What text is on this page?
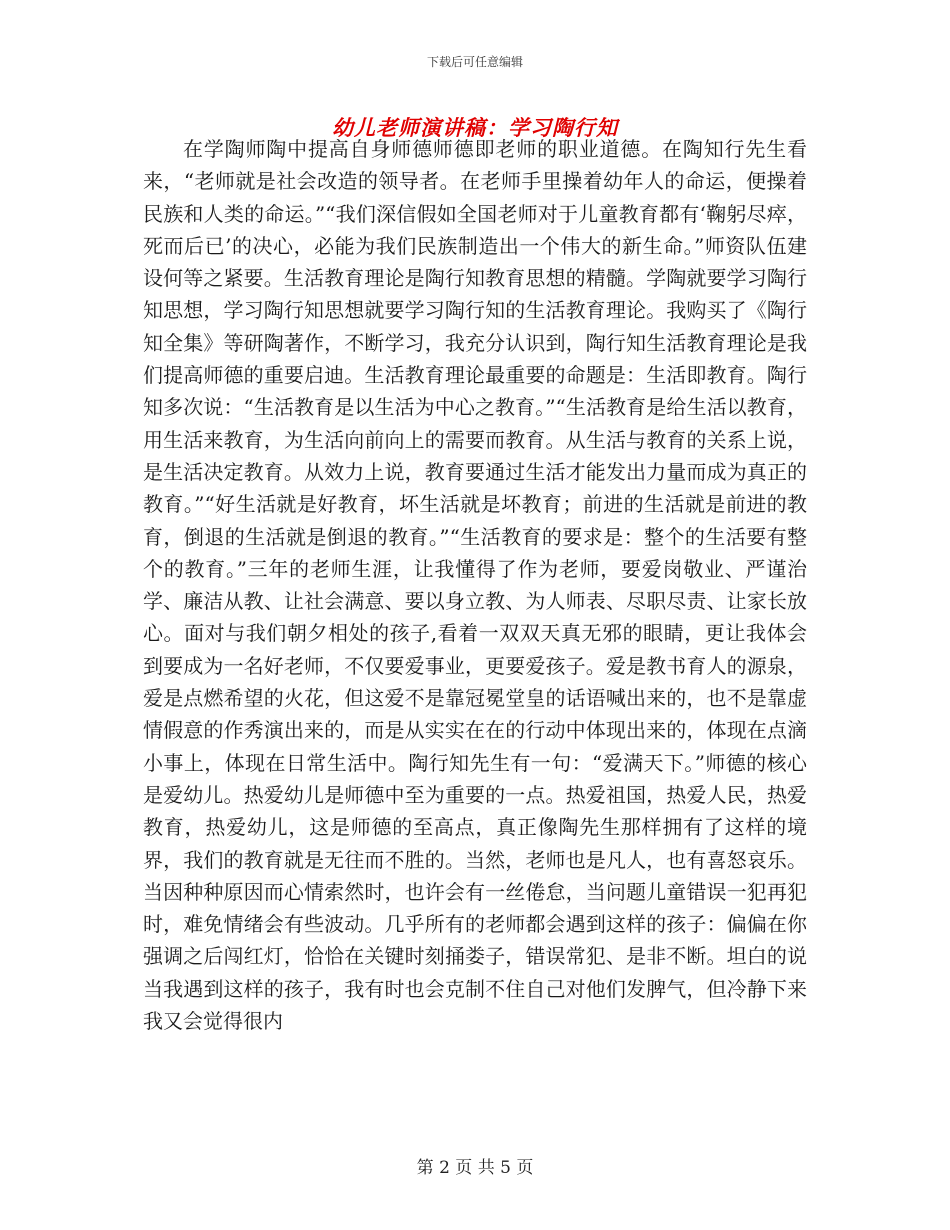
下载后可任意编辑
幼儿老师演讲稿：学习陶行知

在学陶师陶中提高自身师德师德即老师的职业道德。在陶知行先生看来，“老师就是社会改造的领导者。在老师手里操着幼年人的命运，便操着民族和人类的命运。”“我们深信假如全国老师对于儿童教育都有‘鞠躬尽瘁，死而后已’的决心，必能为我们民族制造出一个伟大的新生命。”师资队伍建设何等之紧要。生活教育理论是陶行知教育思想的精髓。学陶就要学习陶行知思想，学习陶行知思想就要学习陶行知的生活教育理论。我购买了《陶行知全集》等研陶著作，不断学习，我充分认识到，陶行知生活教育理论是我们提高师德的重要启迪。生活教育理论最重要的命题是：生活即教育。陶行知多次说：“生活教育是以生活为中心之教育。”“生活教育是给生活以教育，用生活来教育，为生活向前向上的需要而教育。从生活与教育的关系上说，是生活决定教育。从效力上说，教育要通过生活才能发出力量而成为真正的教育。”“好生活就是好教育，坏生活就是坏教育；前进的生活就是前进的教育，倒退的生活就是倒退的教育。”“生活教育的要求是：整个的生活要有整个的教育。”三年的老师生涯，让我懂得了作为老师，要爱岗敬业、严谨治学、廉洁从教、让社会满意、要以身立教、为人师表、尽职尽责、让家长放心。面对与我们朝夕相处的孩子,看着一双双天真无邪的眼睛，更让我体会到要成为一名好老师，不仅要爱事业，更要爱孩子。爱是教书育人的源泉，爱是点燃希望的火花，但这爱不是靠冠冕堂皇的话语喊出来的，也不是靠虚情假意的作秀演出来的，而是从实实在在的行动中体现出来的，体现在点滴小事上，体现在日常生活中。陶行知先生有一句：“爱满天下。”师德的核心是爱幼儿。热爱幼儿是师德中至为重要的一点。热爱祖国，热爱人民，热爱教育，热爱幼儿，这是师德的至高点，真正像陶先生那样拥有了这样的境界，我们的教育就是无往而不胜的。当然，老师也是凡人，也有喜怒哀乐。当因种种原因而心情索然时，也许会有一丝倦怠，当问题儿童错误一犯再犯时，难免情绪会有些波动。几乎所有的老师都会遇到这样的孩子：偏偏在你强调之后闯红灯，恰恰在关键时刻捅娄子，错误常犯、是非不断。坦白的说当我遇到这样的孩子，我有时也会克制不住自己对他们发脾气，但冷静下来我又会觉得很内

第 2 页 共 5 页
